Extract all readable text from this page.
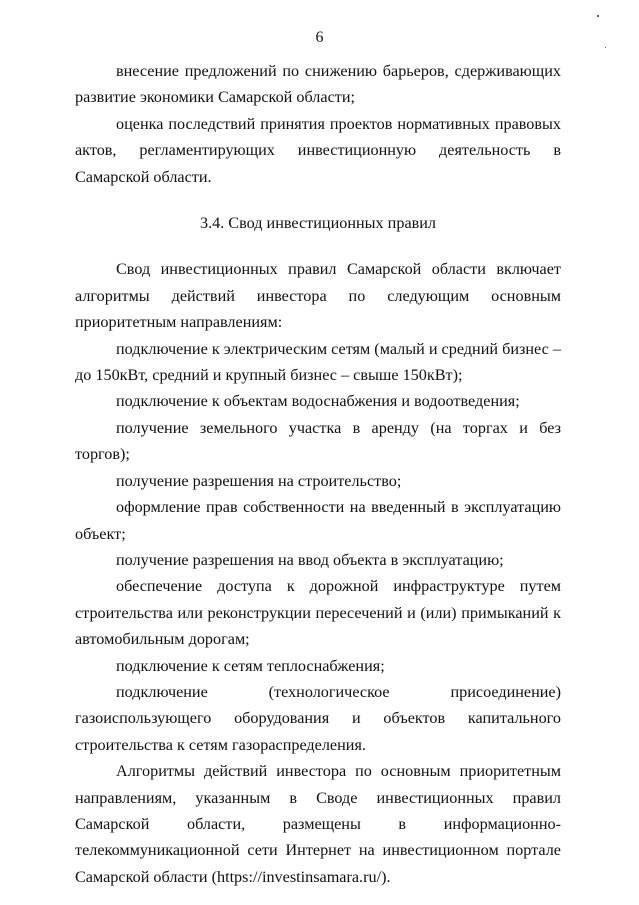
6

внесение предложений по снижению барьеров, сдерживающих развитие экономики Самарской области;

оценка последствий принятия проектов нормативных правовых актов, регламентирующих инвестиционную деятельность в Самарской области.

3.4. Свод инвестиционных правил

Свод инвестиционных правил Самарской области включает алгоритмы действий инвестора по следующим основным приоритетным направлениям:

подключение к электрическим сетям (малый и средний бизнес – до 150кВт, средний и крупный бизнес – свыше 150кВт);

подключение к объектам водоснабжения и водоотведения;

получение земельного участка в аренду (на торгах и без торгов);

получение разрешения на строительство;

оформление прав собственности на введенный в эксплуатацию объект;

получение разрешения на ввод объекта в эксплуатацию;

обеспечение доступа к дорожной инфраструктуре путем строительства или реконструкции пересечений и (или) примыканий к автомобильным дорогам;

подключение к сетям теплоснабжения;

подключение (технологическое присоединение) газоиспользующего оборудования и объектов капитального строительства к сетям газораспределения.

Алгоритмы действий инвестора по основным приоритетным направлениям, указанным в Своде инвестиционных правил Самарской области, размещены в информационно-телекоммуникационной сети Интернет на инвестиционном портале Самарской области (https://investinsamara.ru/).
